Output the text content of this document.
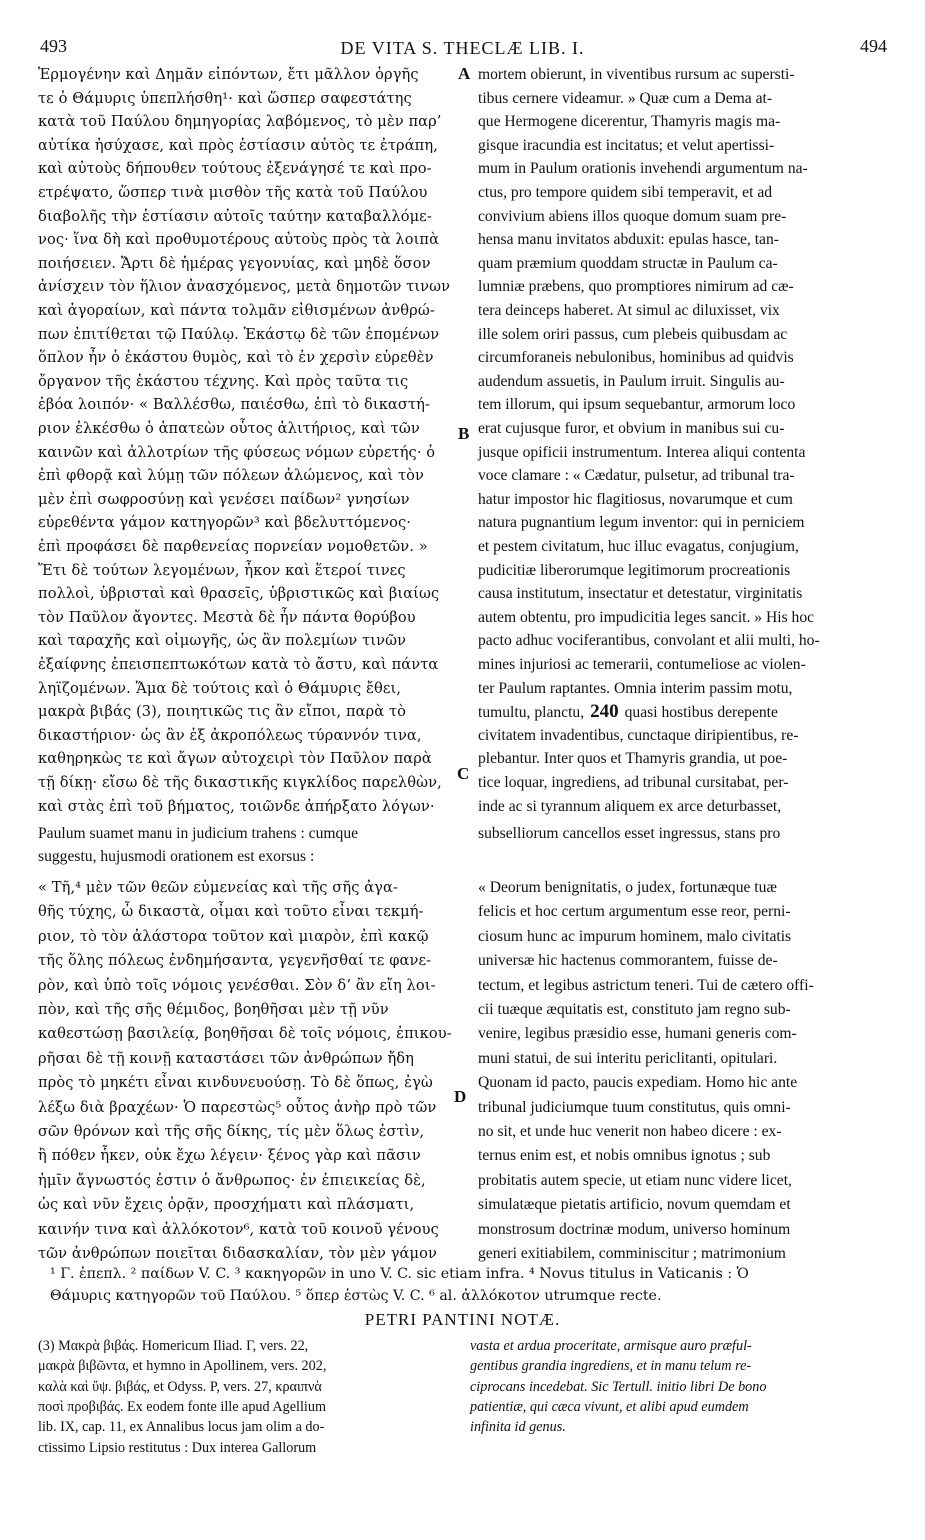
493	DE VITA S. THECLÆ LIB. I.	494
Ἑρμογένην καὶ Δημᾶν εἰπόντων, ἔτι μᾶλλον ὀργῆς
τε ὁ Θάμυρις ὑπεπλήσθη¹· καὶ ὥσπερ σαφεστάτης
κατὰ τοῦ Παύλου δημηγορίας λαβόμενος, τὸ μὲν παρ’
αὐτίκα ἡσύχασε, καὶ πρὸς ἑστίασιν αὐτὸς τε ἐτράπη,
καὶ αὐτοὺς δήπουθεν τούτους ἐξενάγησέ τε καὶ προ-
ετρέψατο, ὥσπερ τινὰ μισθὸν τῆς κατὰ τοῦ Παύλου
διαβολῆς τὴν ἑστίασιν αὐτοῖς ταύτην καταβαλλόμε-
νος· ἵνα δὴ καὶ προθυμοτέρους αὐτοὺς πρὸς τὰ λοιπὰ
ποιήσειεν. Ἄρτι δὲ ἡμέρας γεγονυίας, καὶ μηδὲ ὅσον
ἀνίσχειν τὸν ἥλιον ἀνασχόμενος, μετὰ δημοτῶν τινων
καὶ ἀγοραίων, καὶ πάντα τολμᾶν εἰθισμένων ἀνθρώ-
πων ἐπιτίθεται τῷ Παύλῳ. Ἑκάστῳ δὲ τῶν ἑπομένων
ὅπλον ἦν ὁ ἑκάστου θυμὸς, καὶ τὸ ἐν χερσὶν εὑρεθὲν
ὄργανον τῆς ἑκάστου τέχνης. Καὶ πρὸς ταῦτα τις
ἐβόα λοιπόν· « Βαλλέσθω, παιέσθω, ἐπὶ τὸ δικαστή-
ριον ἑλκέσθω ὁ ἀπατεὼν οὗτος ἀλιτήριος, καὶ τῶν
καινῶν καὶ ἀλλοτρίων τῆς φύσεως νόμων εὑρετής· ὁ
ἐπὶ φθορᾷ καὶ λύμῃ τῶν πόλεων ἀλώμενος, καὶ τὸν
μὲν ἐπὶ σωφροσύνῃ καὶ γενέσει παίδων² γνησίων
εὑρεθέντα γάμον κατηγορῶν³ καὶ βδελυττόμενος·
ἐπὶ προφάσει δὲ παρθενείας πορνείαν νομοθετῶν. »
Ἔτι δὲ τούτων λεγομένων, ἧκον καὶ ἕτεροί τινες
πολλοὶ, ὑβρισταὶ καὶ θρασεῖς, ὑβριστικῶς καὶ βιαίως
τὸν Παῦλον ἄγοντες. Μεστὰ δὲ ἦν πάντα θορύβου
καὶ ταραχῆς καὶ οἰμωγῆς, ὡς ἂν πολεμίων τινῶν
ἐξαίφνης ἐπεισπεπτωκότων κατὰ τὸ ἄστυ, καὶ πάντα
ληϊζομένων. Ἅμα δὲ τούτοις καὶ ὁ Θάμυρις ἔθει,
μακρὰ βιβάς (3), ποιητικῶς τις ἂν εἴποι, παρὰ τὸ
δικαστήριον· ὡς ἂν ἐξ ἀκροπόλεως τύραννόν τινα,
καθηρηκὼς τε καὶ ἄγων αὐτοχειρὶ τὸν Παῦλον παρὰ
τῇ δίκῃ· εἴσω δὲ τῆς δικαστικῆς κιγκλίδος παρελθὼν,
καὶ στὰς ἐπὶ τοῦ βήματος, τοιῶνδε ἀπήρξατο λόγων·
mortem obierunt, in viventibus rursum ac supersti-
tibus cernere videamur. » Quæ cum a Dema at-
que Hermogene dicerentur, Thamyris magis ma-
gisque iracundia est incitatus; et velut apertissi-
mum in Paulum orationis invehendi argumentum na-
ctus, pro tempore quidem sibi temperavit, et ad
convivium abiens illos quoque domum suam pre-
hensa manu invitatos abduxit: epulas hasce, tan-
quam præmium quoddam structæ in Paulum ca-
lumniæ præbens, quo promptiores nimirum ad cæ-
tera deinceps haberet. At simul ac diluxisset, vix
ille solem oriri passus, cum plebeis quibusdam ac
circumforaneis nebulonibus, hominibus ad quidvis
audendum assuetis, in Paulum irruit. Singulis au-
tem illorum, qui ipsum sequebantur, armorum loco
erat cujusque furor, et obvium in manibus sui cu-
jusque opificii instrumentum. Interea aliqui contenta
voce clamare : « Cædatur, pulsetur, ad tribunal tra-
hatur impostor hic flagitiosus, novarumque et cum
natura pugnantium legum inventor: qui in perniciem
et pestem civitatum, huc illuc evagatus, conjugium,
pudicitiæ liberorumque legitimorum procreationis
causa institutum, insectatur et detestatur, virginitatis
autem obtentu, pro impudicitia leges sancit. » His hoc
pacto adhuc vociferantibus, convolant et alii multi, ho-
mines injuriosi ac temerarii, contumeliose ac violen-
ter Paulum raptantes. Omnia interim passim motu,
tumultu, planctu, 240 quasi hostibus derepente
civitatem invadentibus, cunctaque diripientibus, re-
plebantur. Inter quos et Thamyris grandia, ut poe-
tice loquar, ingrediens, ad tribunal cursitabat, per-
inde ac si tyrannum aliquem ex arce deturbasset,
A
B
C
D
Paulum suamet manu in judicium trahens : cumque	subselliorum cancellos esset ingressus, stans pro
suggestu, hujusmodi orationem est exorsus :
« Τῆ,⁴ μὲν τῶν θεῶν εὐμενείας καὶ τῆς σῆς ἀγα-
θῆς τύχης, ὦ δικαστὰ, οἶμαι καὶ τοῦτο εἶναι τεκμή-
ριον, τὸ τὸν ἀλάστορα τοῦτον καὶ μιαρὸν, ἐπὶ κακῷ
τῆς ὅλης πόλεως ἐνδημήσαντα, γεγενῆσθαί τε φανε-
ρὸν, καὶ ὑπὸ τοῖς νόμοις γενέσθαι. Σὸν δ’ ἂν εἴη λοι-
πὸν, καὶ τῆς σῆς θέμιδος, βοηθῆσαι μὲν τῇ νῦν
καθεστώσῃ βασιλείᾳ, βοηθῆσαι δὲ τοῖς νόμοις, ἐπικου-
ρῆσαι δὲ τῇ κοινῇ καταστάσει τῶν ἀνθρώπων ἤδη
πρὸς τὸ μηκέτι εἶναι κινδυνευούσῃ. Τὸ δὲ ὅπως, ἐγὼ
λέξω διὰ βραχέων· Ὁ παρεστὼς⁵ οὗτος ἀνὴρ πρὸ τῶν
σῶν θρόνων καὶ τῆς σῆς δίκης, τίς μὲν ὅλως ἐστὶν,
ἢ πόθεν ἧκεν, οὐκ ἔχω λέγειν· ξένος γὰρ καὶ πᾶσιν
ἡμῖν ἄγνωστός ἐστιν ὁ ἄνθρωπος· ἐν ἐπιεικείας δὲ,
ὡς καὶ νῦν ἔχεις ὁρᾷν, προσχήματι καὶ πλάσματι,
καινήν τινα καὶ ἀλλόκοτον⁶, κατὰ τοῦ κοινοῦ γένους
τῶν ἀνθρώπων ποιεῖται διδασκαλίαν, τὸν μὲν γάμον
« Deorum benignitatis, o judex, fortunæque tuæ
felicis et hoc certum argumentum esse reor, perni-
ciosum hunc ac impurum hominem, malo civitatis
universæ hic hactenus commorantem, fuisse de-
tectum, et legibus astrictum teneri. Tui de cætero offi-
cii tuæque æquitatis est, constituto jam regno sub-
venire, legibus præsidio esse, humani generis com-
muni statui, de sui interitu periclitanti, opitulari.
Quonam id pacto, paucis expediam. Homo hic ante
tribunal judiciumque tuum constitutus, quis omni-
no sit, et unde huc venerit non habeo dicere : ex-
ternus enim est, et nobis omnibus ignotus ; sub
probitatis autem specie, ut etiam nunc videre licet,
simulatæque pietatis artificio, novum quemdam et
monstrosum doctrinæ modum, universo hominum
generi exitiabilem, comminiscitur ; matrimonium
¹ Γ. ἐπεπλ. ² παίδων V. C. ³ κακηγορῶν in uno V. C. sic etiam infra. ⁴ Novus titulus in Vaticanis : Ὁ
Θάμυρις κατηγορῶν τοῦ Παύλου. ⁵ ὅπερ ἑστὼς V. C. ⁶ al. ἀλλόκοτον utrumque recte.
PETRI PANTINI NOTÆ.
(3) Μακρὰ βιβάς. Homericum Iliad. Γ, vers. 22,
μακρὰ βιβῶντα, et hymno in Apollinem, vers. 202,
καλὰ καὶ ὕψ. βιβάς, et Odyss. P, vers. 27, κραιπνὰ
ποσὶ προβιβάς. Ex eodem fonte ille apud Agellium
lib. IX, cap. 11, ex Annalibus locus jam olim a do-
ctissimo Lipsio restitutus : Dux interea Gallorum
vasta et ardua proceritate, armisque auro præful-
gentibus grandia ingrediens, et in manu telum re-
ciprocans incedebat. Sic Tertull. initio libri De bono
patientiæ, qui cæca vivunt, et alibi apud eumdem
infinita id genus.
